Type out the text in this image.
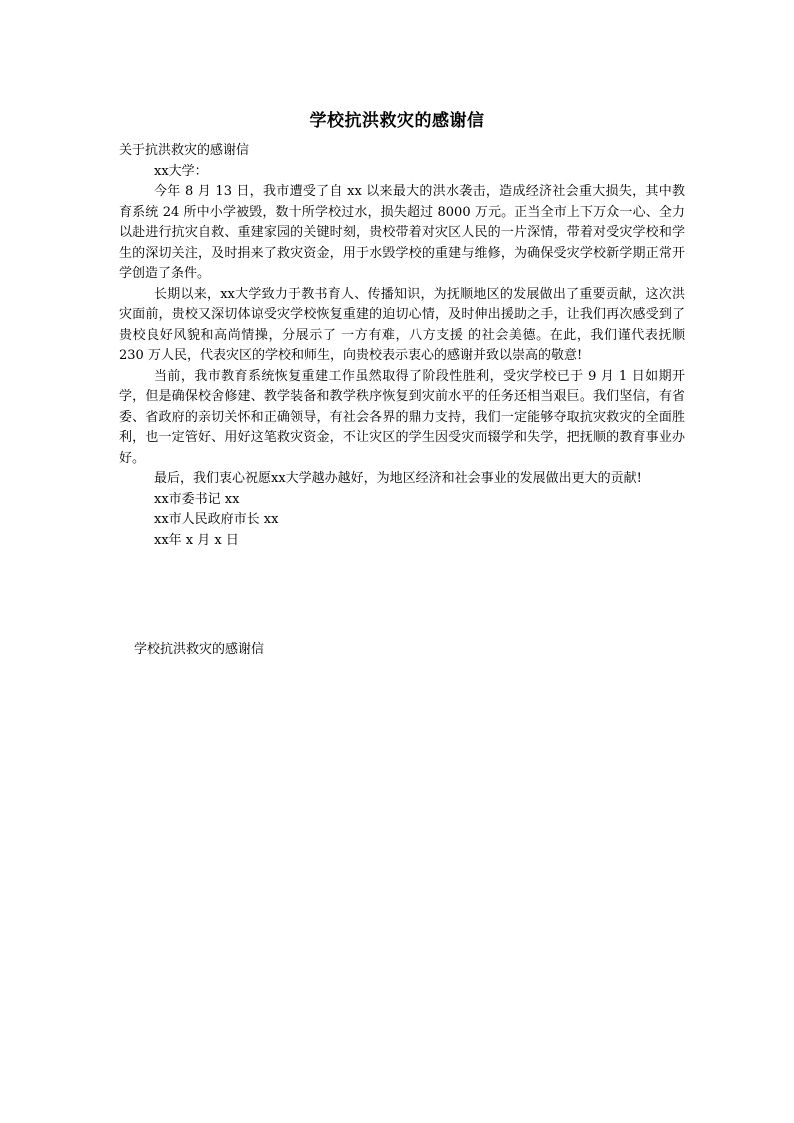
学校抗洪救灾的感谢信

关于抗洪救灾的感谢信

xx大学：

今年 8 月 13 日，我市遭受了自 xx 以来最大的洪水袭击，造成经济社会重大损失，其中教育系统 24 所中小学被毁，数十所学校过水，损失超过 8000 万元。正当全市上下万众一心、全力以赴进行抗灾自救、重建家园的关键时刻，贵校带着对灾区人民的一片深情，带着对受灾学校和学生的深切关注，及时捐来了救灾资金，用于水毁学校的重建与维修，为确保受灾学校新学期正常开学创造了条件。

长期以来，xx大学致力于教书育人、传播知识，为抚顺地区的发展做出了重要贡献，这次洪灾面前，贵校又深切体谅受灾学校恢复重建的迫切心情，及时伸出援助之手，让我们再次感受到了贵校良好风貌和高尚情操，分展示了 一方有难，八方支援 的社会美德。在此，我们谨代表抚顺 230 万人民，代表灾区的学校和师生，向贵校表示衷心的感谢并致以崇高的敬意!

当前，我市教育系统恢复重建工作虽然取得了阶段性胜利，受灾学校已于 9 月 1 日如期开学，但是确保校舍修建、教学装备和教学秩序恢复到灾前水平的任务还相当艰巨。我们坚信，有省委、省政府的亲切关怀和正确领导，有社会各界的鼎力支持，我们一定能够夺取抗灾救灾的全面胜利，也一定管好、用好这笔救灾资金，不让灾区的学生因受灾而辍学和失学，把抚顺的教育事业办好。

最后，我们衷心祝愿xx大学越办越好，为地区经济和社会事业的发展做出更大的贡献!

xx市委书记 xx

xx市人民政府市长 xx

xx年 x 月 x 日

学校抗洪救灾的感谢信
